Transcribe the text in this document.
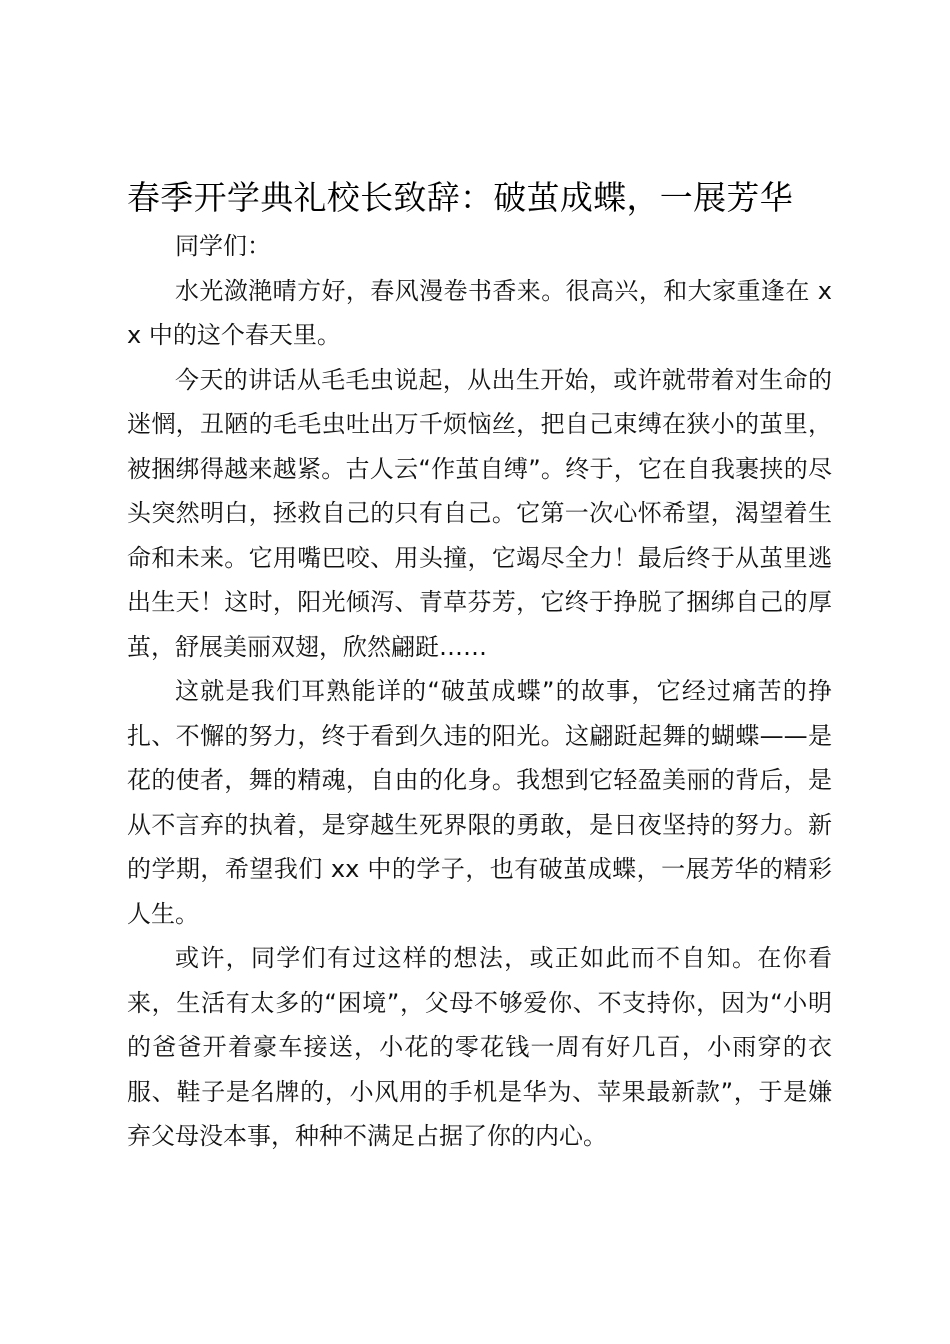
春季开学典礼校长致辞：破茧成蝶，一展芳华

同学们：

水光潋滟晴方好，春风漫卷书香来。很高兴，和大家重逢在 xx 中的这个春天里。

今天的讲话从毛毛虫说起，从出生开始，或许就带着对生命的迷惘，丑陋的毛毛虫吐出万千烦恼丝，把自己束缚在狭小的茧里，被捆绑得越来越紧。古人云“作茧自缚”。终于，它在自我裹挟的尽头突然明白，拯救自己的只有自己。它第一次心怀希望，渴望着生命和未来。它用嘴巴咬、用头撞，它竭尽全力！最后终于从茧里逃出生天！这时，阳光倾泻、青草芬芳，它终于挣脱了捆绑自己的厚茧，舒展美丽双翅，欣然翩跹……

这就是我们耳熟能详的“破茧成蝶”的故事，它经过痛苦的挣扎、不懈的努力，终于看到久违的阳光。这翩跹起舞的蝴蝶——是花的使者，舞的精魂，自由的化身。我想到它轻盈美丽的背后，是从不言弃的执着，是穿越生死界限的勇敢，是日夜坚持的努力。新的学期，希望我们 xx 中的学子，也有破茧成蝶，一展芳华的精彩人生。

或许，同学们有过这样的想法，或正如此而不自知。在你看来，生活有太多的“困境”，父母不够爱你、不支持你，因为“小明的爸爸开着豪车接送，小花的零花钱一周有好几百，小雨穿的衣服、鞋子是名牌的，小风用的手机是华为、苹果最新款”，于是嫌弃父母没本事，种种不满足占据了你的内心。
